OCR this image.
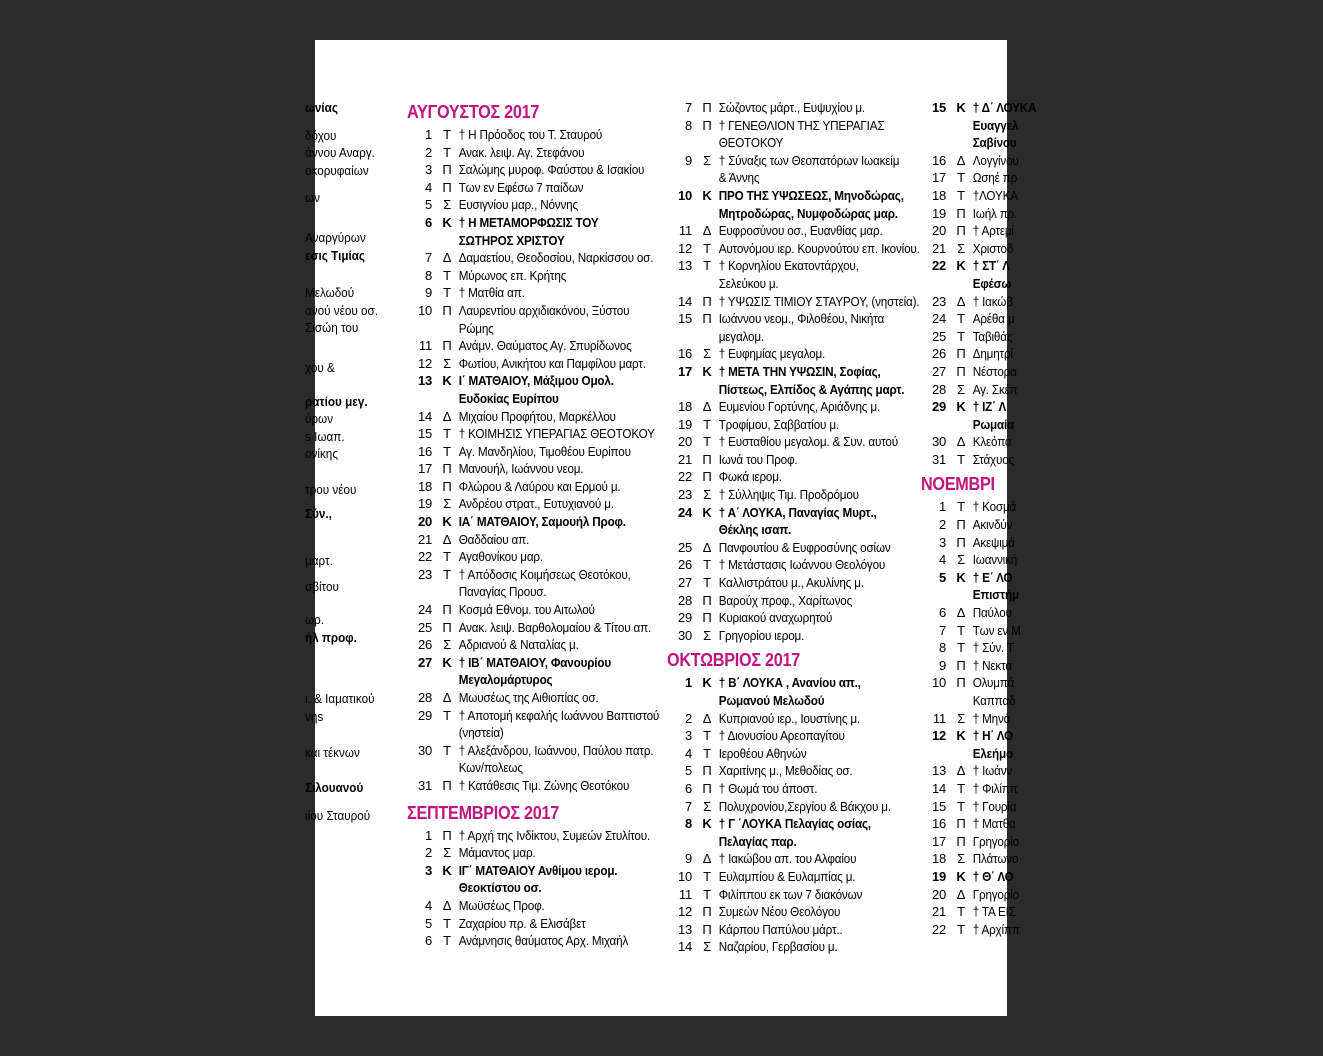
ωνίας
δόχου
άννου Αναργ.
οκορυφαίων
ων
Αναργύρων
εσις Τιμίας
Μελωδού
ανού νέου οσ.
Σισώη του
χου &
ρατίου μεγ.
ύρων
s Ιωαπ.
ονίκης
τρου νέου
Σύν.,
μαρτ.
σβίτου
ωρ.
ήλ προφ.
ι. & Ιαματικού
νηs
και τέκνων
Σιλουανού
ιίου Σταυρού
ΑΥΓΟΥΣΤΟΣ 2017
1 Τ † Η Πρόοδος του Τ. Σταυρού
2 Τ Ανακ. λειψ. Αγ. Στεφάνου
3 Π Σαλώμης μυροφ. Φαύστου & Ισακίου
4 Π Των εν Εφέσω 7 παίδων
5 Σ Ευσιγνίου μαρ., Νόννης
6 Κ † Η ΜΕΤΑΜΟΡΦΩΣΙΣ ΤΟΥ
ΣΩΤΗΡΟΣ ΧΡΙΣΤΟΥ
7 Δ Δαμαετίου, Θεοδοσίου, Ναρκίσσου οσ.
8 Τ Μύρωνος επ. Κρήτης
9 Τ † Ματθία απ.
10 Π Λαυρεντίου αρχιδιακόνου, Ξύστου
Ρώμης
11 Π Ανάμν. Θαύματος Αγ. Σπυρίδωνος
12 Σ Φωτίου, Ανικήτου και Παμφίλου μαρτ.
13 Κ Ι΄ ΜΑΤΘΑΙΟΥ, Μάξιμου Ομολ.
Ευδοκίας Ευρίπου
14 Δ Μιχαίου Προφήτου, Μαρκέλλου
15 Τ † ΚΟΙΜΗΣΙΣ ΥΠΕΡΑΓΙΑΣ ΘΕΟΤΟΚΟΥ
16 Τ Αγ. Μανδηλίου, Τιμοθέου Ευρίπου
17 Π Μανουήλ, Ιωάννου νεομ.
18 Π Φλώρου & Λαύρου και Ερμού μ.
19 Σ Ανδρέου στρατ., Ευτυχιανού μ.
20 Κ ΙΑ΄ ΜΑΤΘΑΙΟΥ, Σαμουήλ Προφ.
21 Δ Θαδδαίου απ.
22 Τ Αγαθονίκου μαρ.
23 Τ † Απόδοσις Κοιμήσεως Θεοτόκου,
Παναγίας Προυσ.
24 Π Κοσμά Εθνομ. του Αιτωλού
25 Π Ανακ. λειψ. Βαρθολομαίου & Τίτου απ.
26 Σ Αδριανού & Ναταλίας μ.
27 Κ † ΙΒ΄ ΜΑΤΘΑΙΟΥ, Φανουρίου
Μεγαλομάρτυρος
28 Δ Μωυσέως της Αιθιοπίας οσ.
29 Τ † Αποτομή κεφαλής Ιωάννου Βαπτιστού
(νηστεία)
30 Τ † Αλεξάνδρου, Ιωάννου, Παύλου πατρ.
Κων/πολεως
31 Π † Κατάθεσις Τιμ. Ζώνης Θεοτόκου
ΣΕΠΤΕΜΒΡΙΟΣ 2017
1 Π † Αρχή της Ινδίκτου, Συμεών Στυλίτου.
2 Σ Μάμαντος μαρ.
3 Κ ΙΓ΄ ΜΑΤΘΑΙΟΥ Ανθίμου ιερομ.
Θεοκτίστου οσ.
4 Δ Μωϋσέως Προφ.
5 Τ Ζαχαρίου πρ. & Ελισάβετ
6 Τ Ανάμνησις θαύματος Αρχ. Μιχαήλ
7 Π Σώζοντος μάρτ., Ευψυχίου μ.
8 Π † ΓΕΝΕΘΛΙΟΝ ΤΗΣ ΥΠΕΡΑΓΙΑΣ
ΘΕΟΤΟΚΟΥ
9 Σ † Σύναξις των Θεοπατόρων Ιωακείμ
& Άννης
10 Κ ΠΡΟ ΤΗΣ ΥΨΩΣΕΩΣ, Μηνοδώρας,
Μητροδώρας, Νυμφοδώρας μαρ.
11 Δ Ευφροσύνου οσ., Ευανθίας μαρ.
12 Τ Αυτονόμου ιερ. Κουρνούτου επ. Ικονίου.
13 Τ † Κορνηλίου Εκατοντάρχου,
Σελεύκου μ.
14 Π † ΥΨΩΣΙΣ ΤΙΜΙΟΥ ΣΤΑΥΡΟΥ, (νηστεία).
15 Π Ιωάννου νεομ., Φιλοθέου, Νικήτα
μεγαλομ.
16 Σ † Ευφημίας μεγαλομ.
17 Κ † ΜΕΤΑ ΤΗΝ ΥΨΩΣΙΝ, Σοφίας,
Πίστεως, Ελπίδος & Αγάπης μαρτ.
18 Δ Ευμενίου Γορτύνης, Αριάδνης μ.
19 Τ Τροφίμου, Σαββατίου μ.
20 Τ † Ευσταθίου μεγαλομ. & Συν. αυτού
21 Π Ιωνά του Προφ.
22 Π Φωκά ιερομ.
23 Σ † Σύλληψις Τιμ. Προδρόμου
24 Κ † Α΄ ΛΟΥΚΑ, Παναγίας Μυρτ.,
Θέκλης ισαπ.
25 Δ Πανφουτίου & Ευφροσύνης οσίων
26 Τ † Μετάστασις Ιωάννου Θεολόγου
27 Τ Καλλιστράτου μ., Ακυλίνης μ.
28 Π Βαρούχ προφ., Χαρίτωνος
29 Π Κυριακού αναχωρητού
30 Σ Γρηγορίου ιερομ.
ΟΚΤΩΒΡΙΟΣ 2017
1 Κ † Β΄ ΛΟΥΚΑ , Ανανίου απ.,
Ρωμανού Μελωδού
2 Δ Κυπριανού ιερ., Ιουστίνης μ.
3 Τ † Διονυσίου Αρεοπαγίτου
4 Τ Ιεροθέου Αθηνών
5 Π Χαριτίνης μ., Μεθοδίας οσ.
6 Π † Θωμά του άποστ.
7 Σ Πολυχρονίου,Σεργίου & Βάκχου μ.
8 Κ † Γ ΄ΛΟΥΚΑ Πελαγίας οσίας,
Πελαγίας παρ.
9 Δ † Ιακώβου απ. του Αλφαίου
10 Τ Ευλαμπίου & Ευλαμπίας μ.
11 Τ Φιλίππου εκ των 7 διακόνων
12 Π Συμεών Νέου Θεολόγου
13 Π Κάρπου Παπύλου μάρτ..
14 Σ Ναζαρίου, Γερβασίου μ.
15 Κ † Δ΄ ΛΟΥΚΑ
Ευαγγελ
Σαβίνου
16 Δ Λογγίνου
17 Τ Ωσηέ πρ
18 Τ †ΛΟΥΚΑ
19 Π Ιωήλ πρ.
20 Π † Αρτεμί
21 Σ Χριστοδ
22 Κ † ΣΤ΄ Λ
Εφέσω
23 Δ † Ιακώβ
24 Τ Αρέθα μ
25 Τ Ταβιθάς
26 Π Δημητρί
27 Π Νέστορα
28 Σ Αγ. Σκέπ
29 Κ † ΙΖ΄ Λ
Ρωμαία
30 Δ Κλεόπα
31 Τ Στάχυος
ΝΟΕΜΒΡΙ
1 Τ † Κοσμά
2 Π Ακινδύν
3 Π Ακεψιμά
4 Σ Ιωαννική
5 Κ † Ε΄ ΛΟ
Επιστήμ
6 Δ Παύλου
7 Τ Των εν Μ
8 Τ † Σύν. Τ
9 Π † Νεκτα
10 Π Ολυμπά
Καππαδ
11 Σ † Μηνά
12 Κ † Η΄ ΛΟ
Ελεήμο
13 Δ † Ιωάνν
14 Τ † Φιλίππ
15 Τ † Γουρία
16 Π † Ματθα
17 Π Γρηγορίο
18 Σ Πλάτωνο
19 Κ † Θ΄ ΛΟ
20 Δ Γρηγορίο
21 Τ † ΤΑ ΕΙΣ
22 Τ † Αρχίππ
